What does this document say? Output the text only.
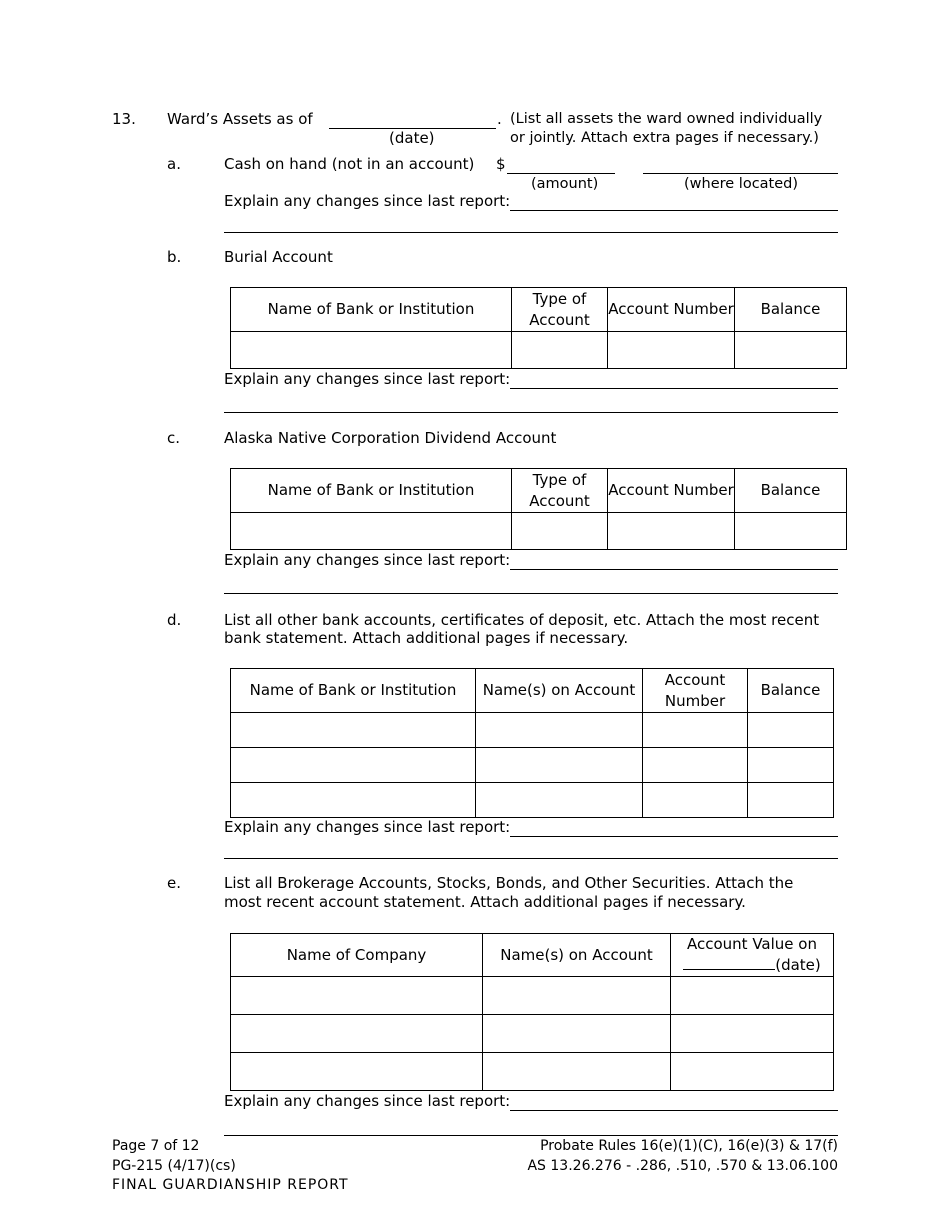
13. Ward’s Assets as of	.
(date)
(List all assets the ward owned individually
or jointly. Attach extra pages if necessary.)
a.	Cash on hand (not in an account) $
(amount)	(where located)
Explain any changes since last report:
b.	Burial Account
Name of Bank or Institution	Type of Account	Account Number	Balance

Explain any changes since last report:
c.	Alaska Native Corporation Dividend Account
Name of Bank or Institution	Type of Account	Account Number	Balance

Explain any changes since last report:
d.	List all other bank accounts, certificates of deposit, etc. Attach the most recent
bank statement. Attach additional pages if necessary.
Name of Bank or Institution	Name(s) on Account	Account Number	Balance

Explain any changes since last report:
e.	List all Brokerage Accounts, Stocks, Bonds, and Other Securities. Attach the
most recent account statement. Attach additional pages if necessary.
Name of Company	Name(s) on Account	Account Value on
(date)

Explain any changes since last report:
Page 7 of 12
PG-215 (4/17)(cs)
FINAL GUARDIANSHIP REPORT
Probate Rules 16(e)(1)(C), 16(e)(3) & 17(f)
AS 13.26.276 - .286, .510, .570 & 13.06.100
